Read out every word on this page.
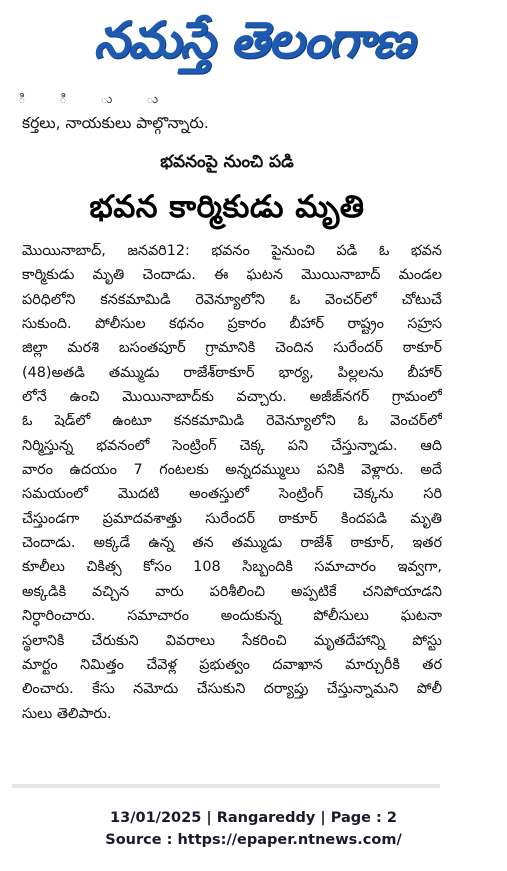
నమస్తే తెలంగాణ
ి ి ు ు
కర్తలు, నాయకులు పాల్గొన్నారు.
భవనంపై నుంచి పడి
భవన కార్మికుడు మృతి
మొయినాబాద్, జనవరి12: భవనం పైనుంచి పడి ఓ భవన
కార్మికుడు మృతి చెందాడు. ఈ ఘటన మొయినాబాద్ మండల
పరిధిలోని కనకమామిడి రెవెన్యూలోని ఓ వెంచర్‌లో చోటుచే
సుకుంది. పోలీసుల కథనం ప్రకారం బీహార్ రాష్ట్రం సహ్రస
జిల్లా మరశి బసంతపూర్ గ్రామానికి చెందిన సురేందర్ ఠాకూర్
(48)అతడి తమ్ముడు రాజేశ్‌ఠాకూర్ భార్య, పిల్లలను బీహార్
లోనే ఉంచి మొయినాబాద్‌కు వచ్చారు. అజీజ్‌నగర్ గ్రామంలో
ఓ షెడ్‌లో ఉంటూ కనకమామిడి రెవెన్యూలోని ఓ వెంచర్‌లో
నిర్మిస్తున్న భవనంలో సెంట్రింగ్ చెక్క పని చేస్తున్నాడు. ఆది
వారం ఉదయం 7 గంటలకు అన్నదమ్ములు పనికి వెళ్లారు. అదే
సమయంలో మొదటి అంతస్తులో సెంట్రింగ్ చెక్కను సరి
చేస్తుండగా ప్రమాదవశాత్తు సురేందర్ ఠాకూర్ కిందపడి మృతి
చెందాడు. అక్కడే ఉన్న తన తమ్ముడు రాజేశ్ ఠాకూర్, ఇతర
కూలీలు చికిత్స కోసం 108 సిబ్బందికి సమాచారం ఇవ్వగా,
అక్కడికి వచ్చిన వారు పరిశీలించి అప్పటికే చనిపోయాడని
నిర్ధారించారు. సమాచారం అందుకున్న పోలీసులు ఘటనా
స్థలానికి చేరుకుని వివరాలు సేకరించి మృతదేహాన్ని పోస్టు
మార్టం నిమిత్తం చేవెళ్ల ప్రభుత్వం దవాఖాన మార్చురీకి తర
లించారు. కేసు నమోదు చేసుకుని దర్యాప్తు చేస్తున్నామని పోలీ
సులు తెలిపారు.
13/01/2025 | Rangareddy | Page : 2
Source : https://epaper.ntnews.com/
